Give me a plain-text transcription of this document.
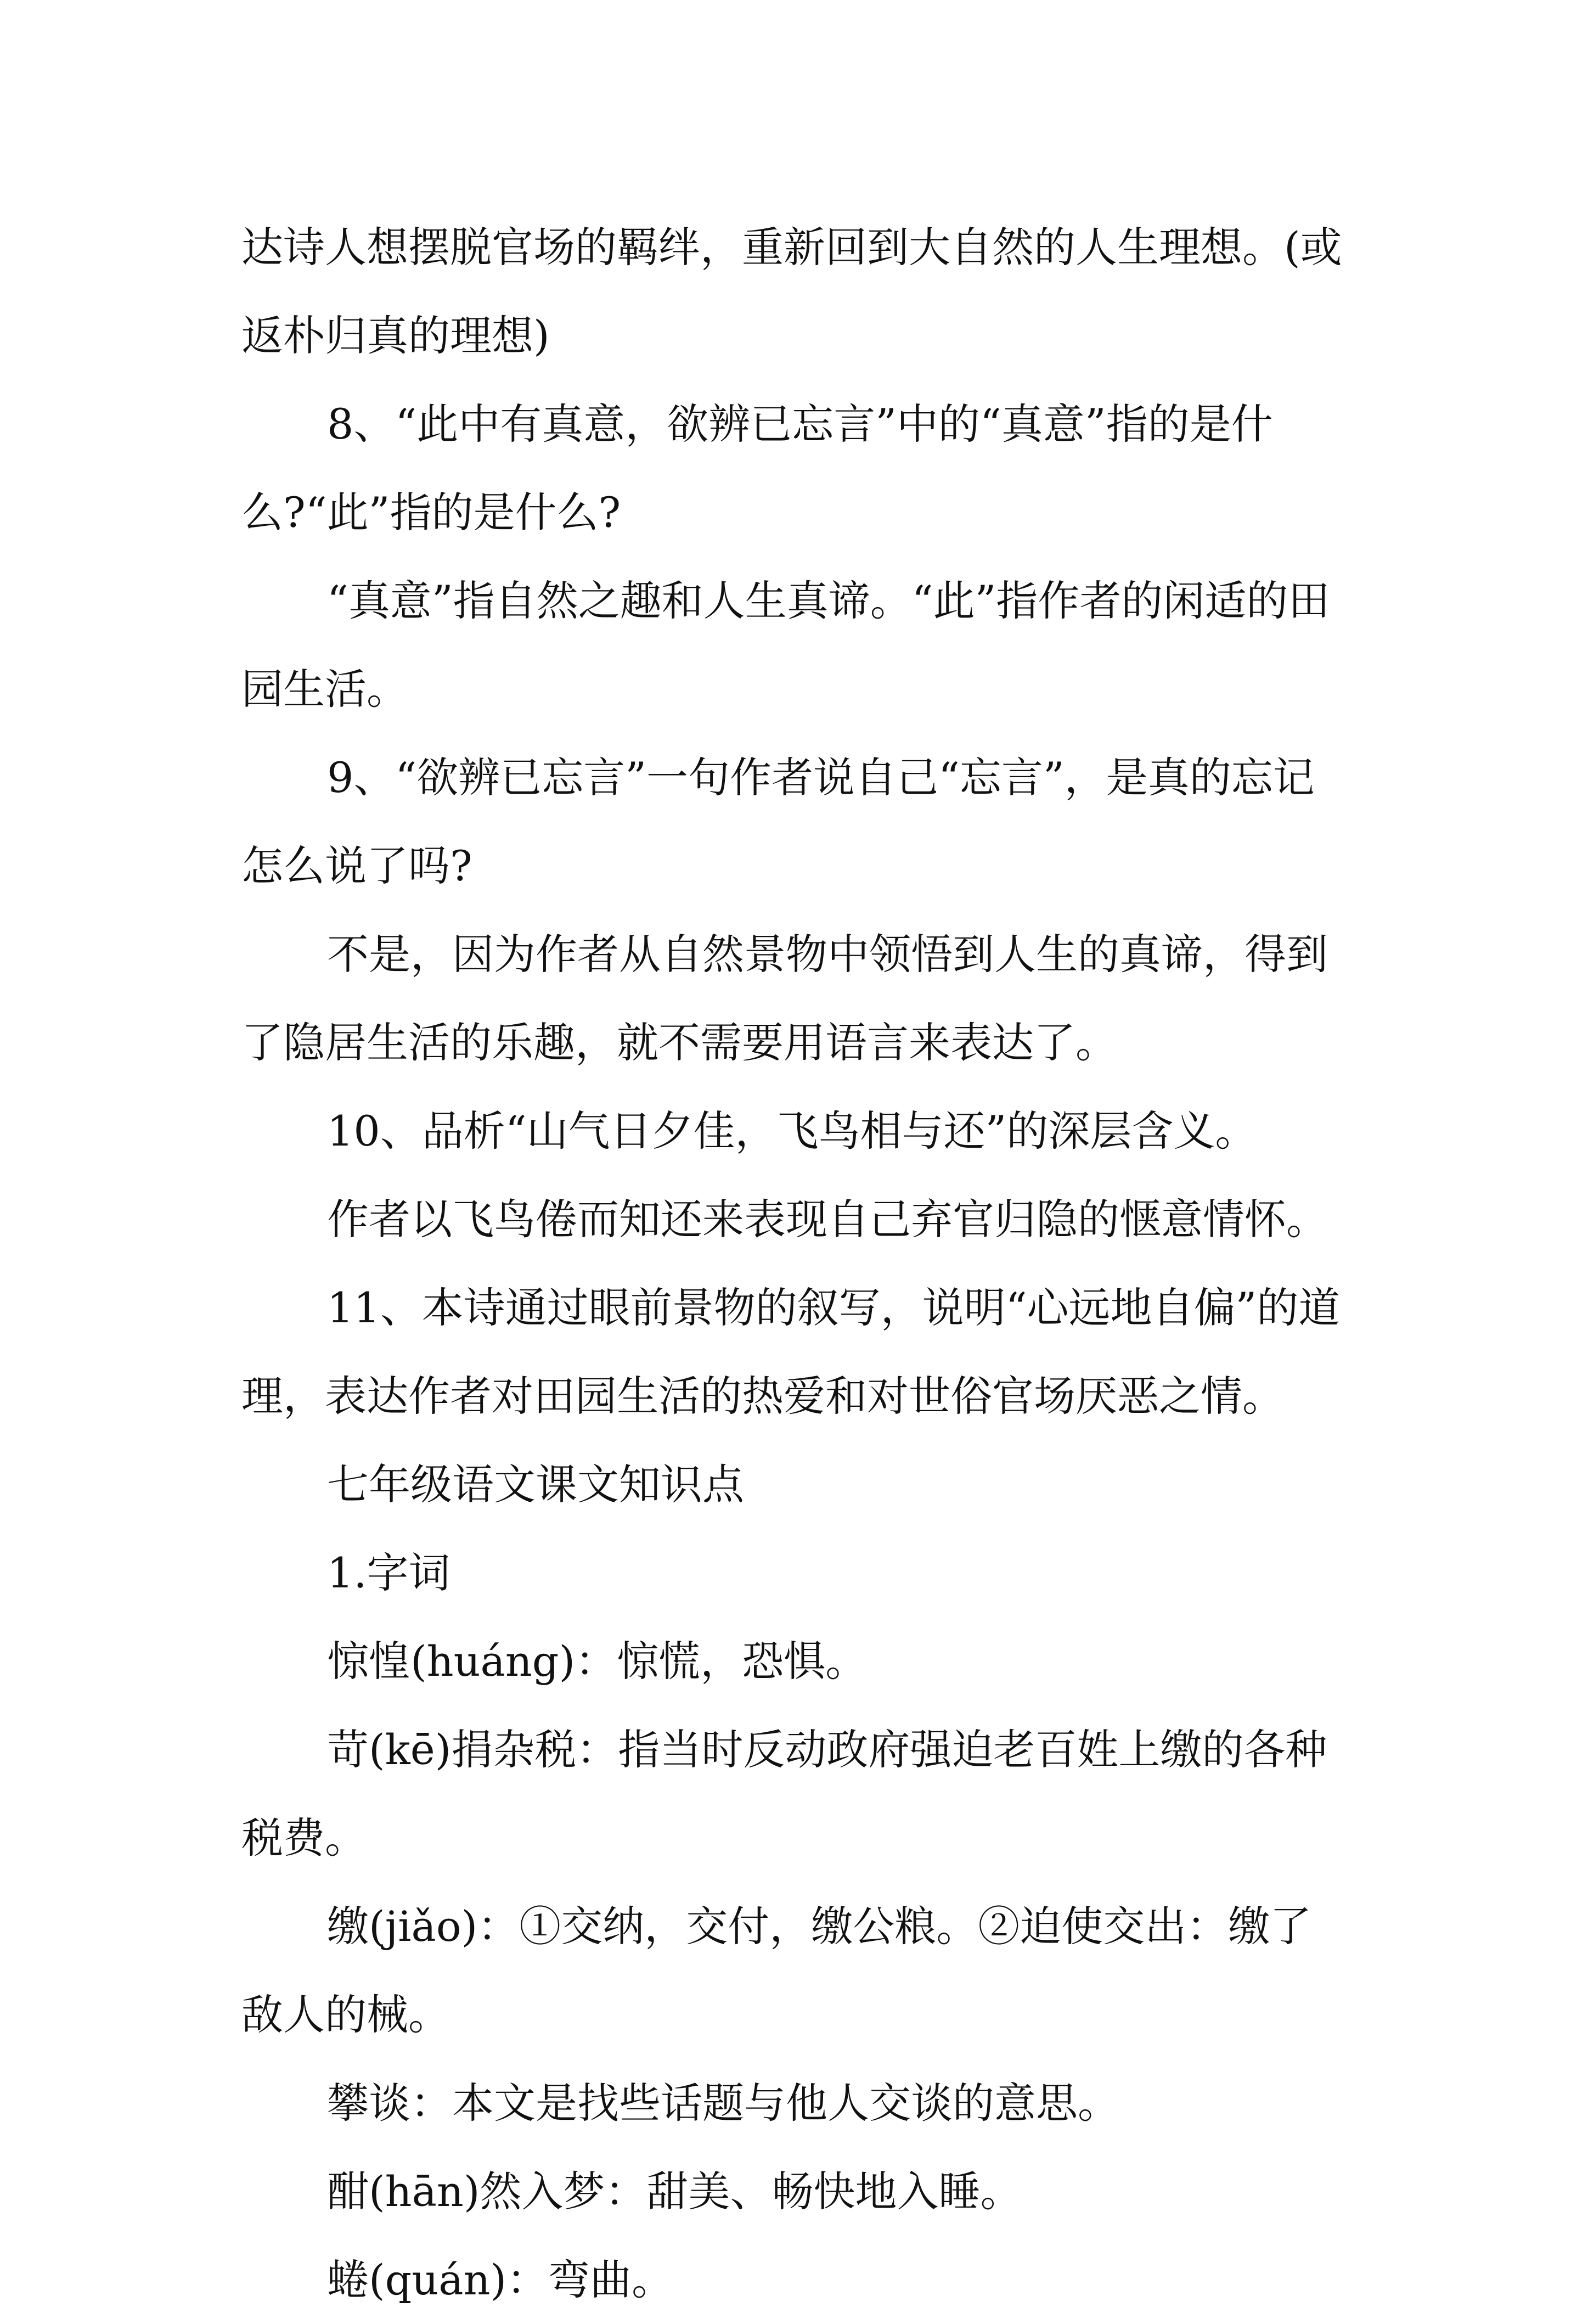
达诗人想摆脱官场的羁绊，重新回到大自然的人生理想。(或返朴归真的理想)

8、“此中有真意，欲辨已忘言”中的“真意”指的是什么?“此”指的是什么?

“真意”指自然之趣和人生真谛。“此”指作者的闲适的田园生活。

9、“欲辨已忘言”一句作者说自己“忘言”，是真的忘记怎么说了吗?

不是，因为作者从自然景物中领悟到人生的真谛，得到了隐居生活的乐趣，就不需要用语言来表达了。

10、品析“山气日夕佳，飞鸟相与还”的深层含义。

作者以飞鸟倦而知还来表现自己弃官归隐的惬意情怀。

11、本诗通过眼前景物的叙写，说明“心远地自偏”的道理，表达作者对田园生活的热爱和对世俗官场厌恶之情。

七年级语文课文知识点

1.字词

惊惶(huáng)：惊慌，恐惧。

苛(kē)捐杂税：指当时反动政府强迫老百姓上缴的各种税费。

缴(jiǎo)：①交纳，交付，缴公粮。②迫使交出：缴了敌人的械。

攀谈：本文是找些话题与他人交谈的意思。

酣(hān)然入梦：甜美、畅快地入睡。

蜷(quán)：弯曲。
